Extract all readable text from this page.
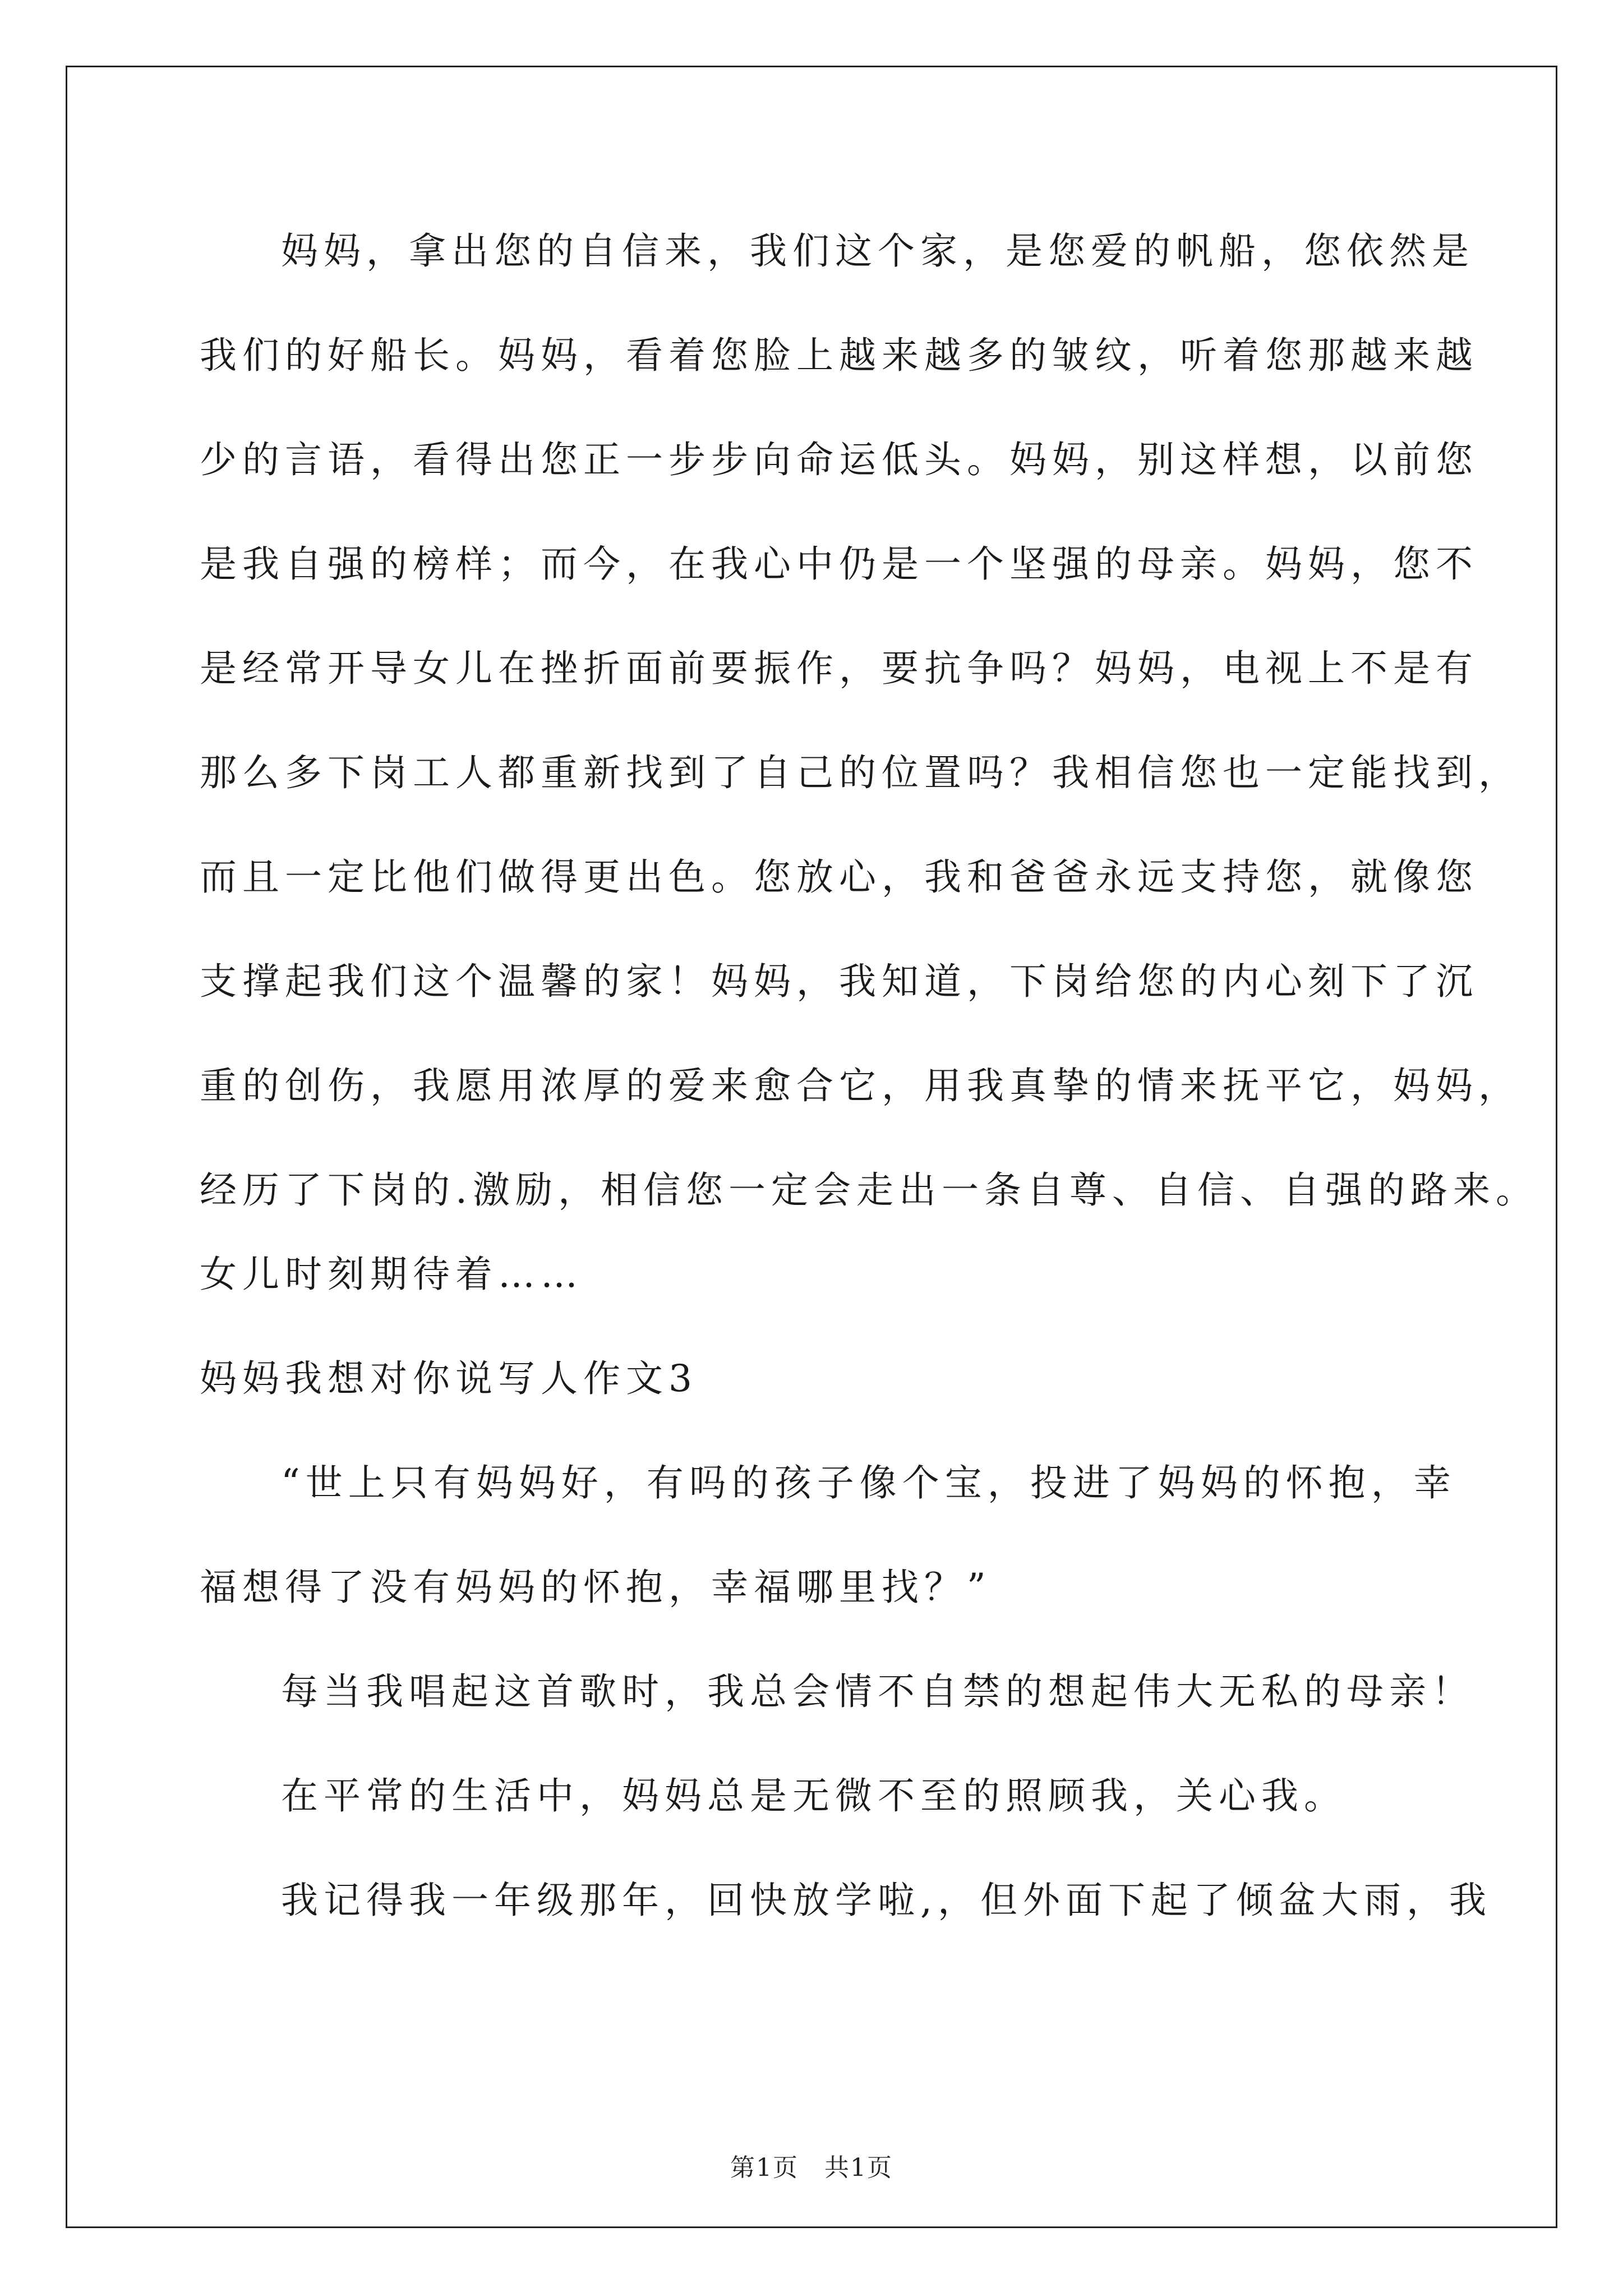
妈妈，拿出您的自信来，我们这个家，是您爱的帆船，您依然是
我们的好船长。妈妈，看着您脸上越来越多的皱纹，听着您那越来越
少的言语，看得出您正一步步向命运低头。妈妈，别这样想，以前您
是我自强的榜样；而今，在我心中仍是一个坚强的母亲。妈妈，您不
是经常开导女儿在挫折面前要振作，要抗争吗？妈妈，电视上不是有
那么多下岗工人都重新找到了自己的位置吗？我相信您也一定能找到，
而且一定比他们做得更出色。您放心，我和爸爸永远支持您，就像您
支撑起我们这个温馨的家！妈妈，我知道，下岗给您的内心刻下了沉
重的创伤，我愿用浓厚的爱来愈合它，用我真挚的情来抚平它，妈妈，
经历了下岗的.激励，相信您一定会走出一条自尊、自信、自强的路来。
女儿时刻期待着……
妈妈我想对你说写人作文3
“世上只有妈妈好，有吗的孩子像个宝，投进了妈妈的怀抱，幸
福想得了没有妈妈的怀抱，幸福哪里找？”
每当我唱起这首歌时，我总会情不自禁的想起伟大无私的母亲！
在平常的生活中，妈妈总是无微不至的照顾我，关心我。
我记得我一年级那年，回快放学啦,，但外面下起了倾盆大雨，我
第1页　共1页
